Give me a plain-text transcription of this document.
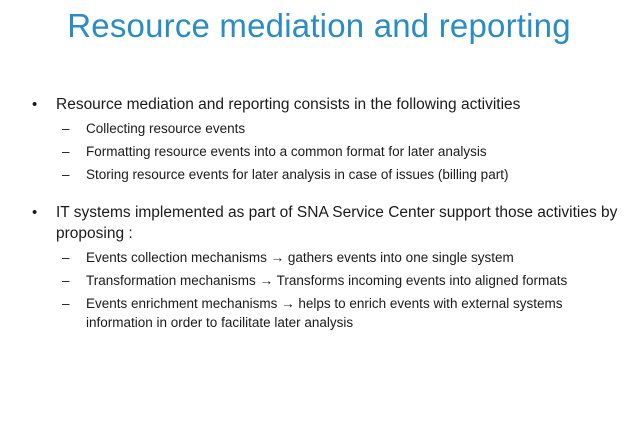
Resource mediation and reporting
• Resource mediation and reporting consists in the following activities
– Collecting resource events
– Formatting resource events into a common format for later analysis
– Storing resource events for later analysis in case of issues (billing part)
• IT systems implemented as part of SNA Service Center support those activities by proposing :
– Events collection mechanisms → gathers events into one single system
– Transformation mechanisms → Transforms incoming events into aligned formats
– Events enrichment mechanisms → helps to enrich events with external systems information in order to facilitate later analysis
